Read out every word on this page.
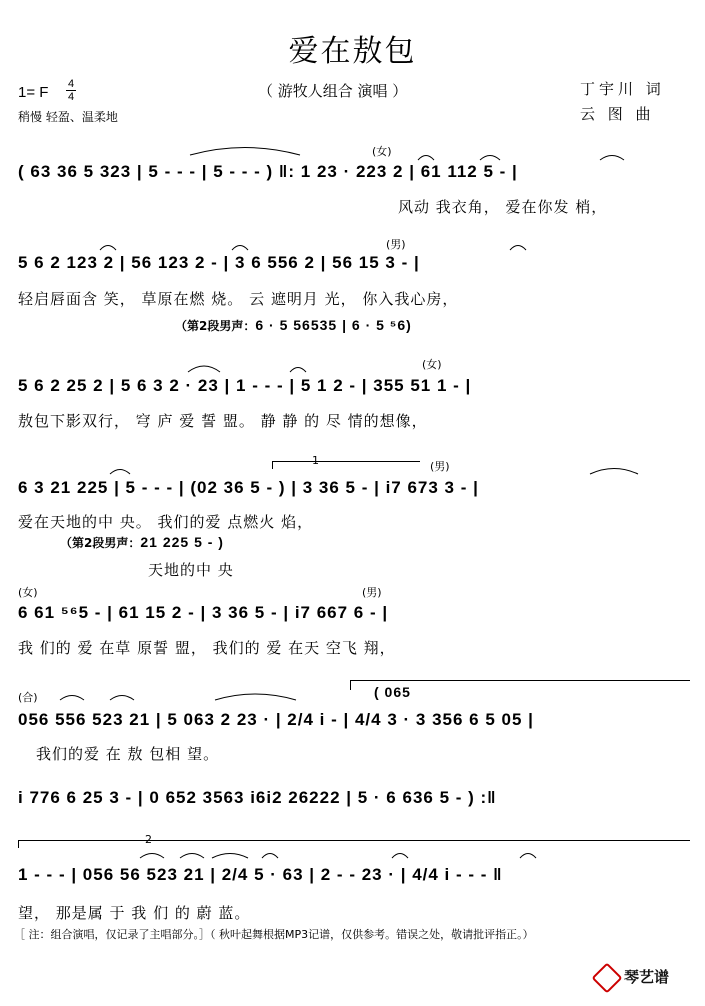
爱在敖包
（ 游牧人组合 演唱 ）
1= F 4
4
稍慢 轻盈、温柔地
丁宇川 词
云 图 曲
(女)
( 63 36 5 323 | 5 - - - | 5 - - - ) ‖: 1 23 · 223 2 | 61 112 5 - |
风动 我衣角， 爱在你发 梢，
(男)
5 6 2 123 2 | 56 123 2 - | 3 6 556 2 | 56 15 3 - |
轻启唇面含 笑， 草原在燃 烧。 云 遮明月 光， 你入我心房，
（第2段男声：6 · 5 56535 | 6 · 5 ⁵6)
(女)
5 6 2 25 2 | 5 6 3 2 · 23 | 1 - - - | 5 1 2 - | 355 51 1 - |
敖包下影双行， 穹 庐 爱 誓 盟。 静 静 的 尽 情的想像，
1	(男)
6 3 21 225 | 5 - - - | (02 36 5 - ) | 3 36 5 - | i7 673 3 - |
爱在天地的中 央。 我们的爱 点燃火 焰，
（第2段男声：21 225 5 - )
天地的中 央
(女)	(男)
6 61 ⁵⁶5 - | 61 15 2 - | 3 36 5 - | i7 667 6 - |
我 们的 爱 在草 原誓 盟， 我们的 爱 在天 空飞 翔，
(合)	( 065
056 556 523 21 | 5 063 2 23 · | 2/4 i - | 4/4 3 · 3 356 6 5 05 |
我们的爱 在 敖 包相 望。
i 776 6 25 3 - | 0 652 3563 i6i2 26222 | 5 · 6 636 5 - ) :‖
2
1 - - - | 056 56 523 21 | 2/4 5 · 63 | 2 - - 23 · | 4/4 i - - - ‖
望， 那是属 于 我 们 的 蔚 蓝。
［ 注：组合演唱，仅记录了主唱部分。］（ 秋叶起舞根据MP3记谱，仅供参考。错误之处，敬请批评指正。）
琴艺谱
